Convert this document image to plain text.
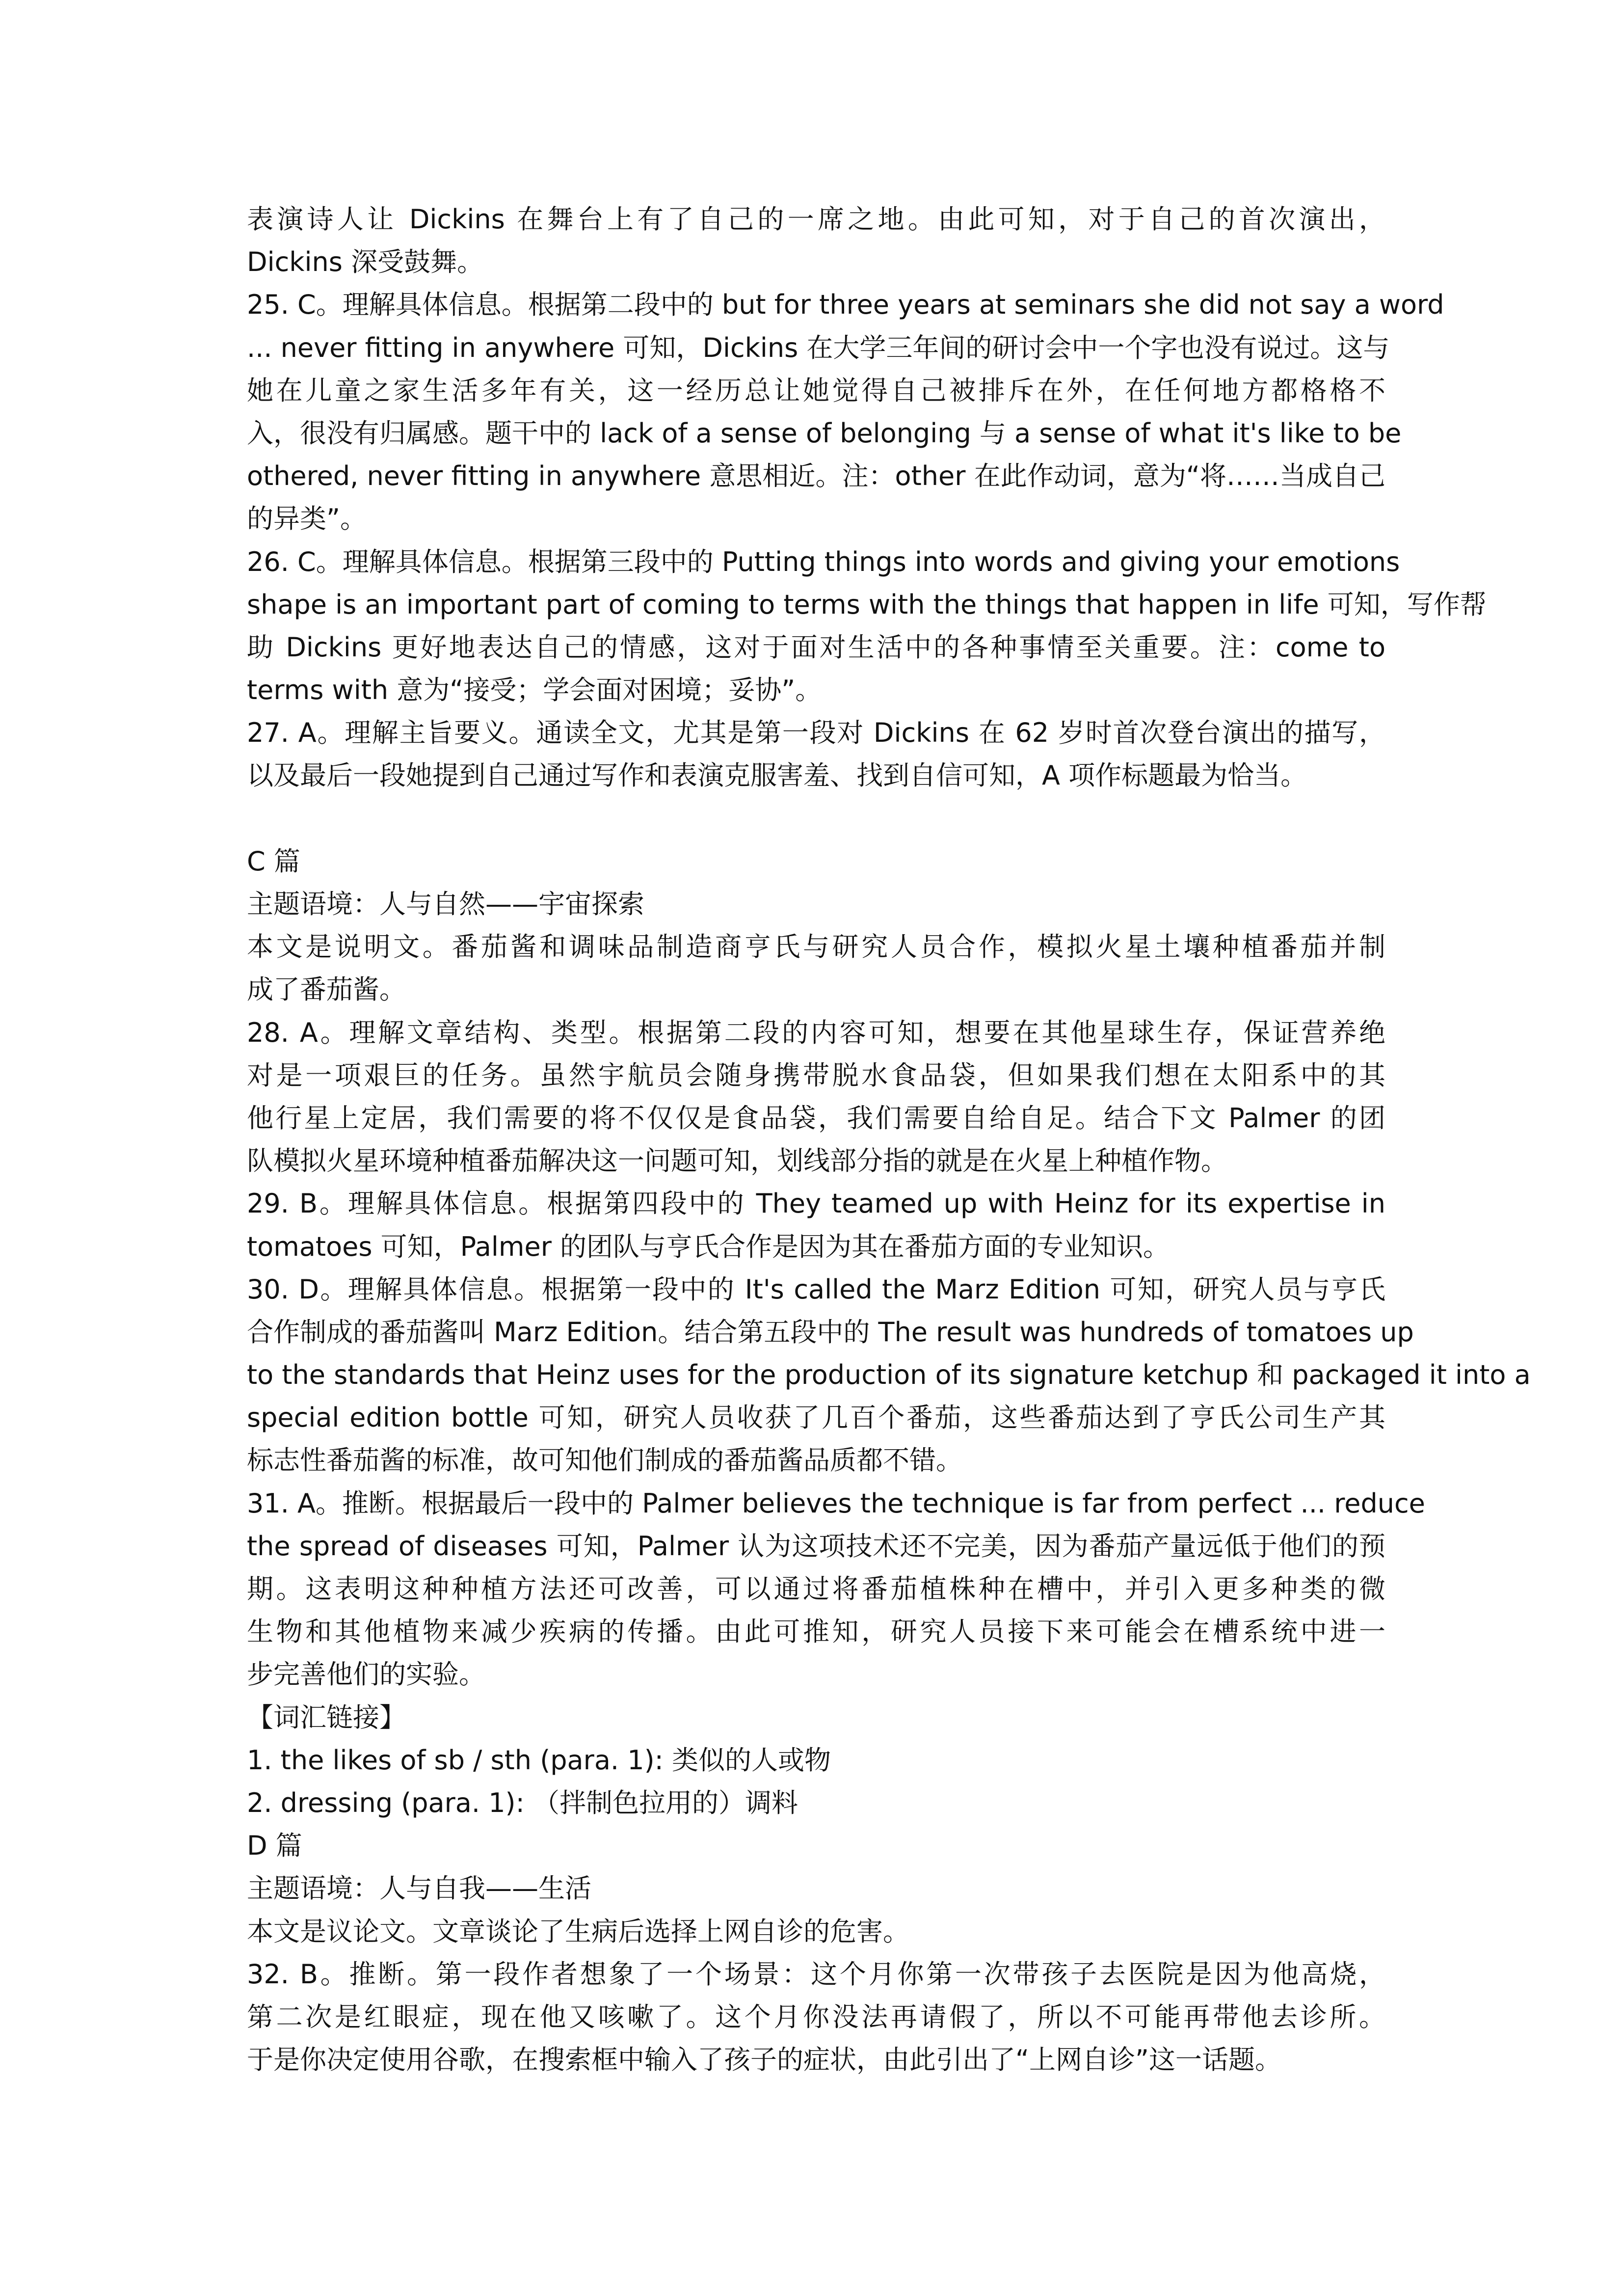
表演诗人让 Dickins 在舞台上有了自己的一席之地。由此可知，对于自己的首次演出，
Dickins 深受鼓舞。
25. C。理解具体信息。根据第二段中的 but for three years at seminars she did not say a word
... never fitting in anywhere 可知，Dickins 在大学三年间的研讨会中一个字也没有说过。这与
她在儿童之家生活多年有关，这一经历总让她觉得自己被排斥在外，在任何地方都格格不
入，很没有归属感。题干中的 lack of a sense of belonging 与 a sense of what it's like to be
othered, never fitting in anywhere 意思相近。注：other 在此作动词，意为“将……当成自己
的异类”。
26. C。理解具体信息。根据第三段中的 Putting things into words and giving your emotions
shape is an important part of coming to terms with the things that happen in life 可知，写作帮
助 Dickins 更好地表达自己的情感，这对于面对生活中的各种事情至关重要。注：come to
terms with 意为“接受；学会面对困境；妥协”。
27. A。理解主旨要义。通读全文，尤其是第一段对 Dickins 在 62 岁时首次登台演出的描写，
以及最后一段她提到自己通过写作和表演克服害羞、找到自信可知，A 项作标题最为恰当。
C 篇
主题语境：人与自然——宇宙探索
本文是说明文。番茄酱和调味品制造商亨氏与研究人员合作，模拟火星土壤种植番茄并制
成了番茄酱。
28. A。理解文章结构、类型。根据第二段的内容可知，想要在其他星球生存，保证营养绝
对是一项艰巨的任务。虽然宇航员会随身携带脱水食品袋，但如果我们想在太阳系中的其
他行星上定居，我们需要的将不仅仅是食品袋，我们需要自给自足。结合下文 Palmer 的团
队模拟火星环境种植番茄解决这一问题可知，划线部分指的就是在火星上种植作物。
29. B。理解具体信息。根据第四段中的 They teamed up with Heinz for its expertise in
tomatoes 可知，Palmer 的团队与亨氏合作是因为其在番茄方面的专业知识。
30. D。理解具体信息。根据第一段中的 It's called the Marz Edition 可知，研究人员与亨氏
合作制成的番茄酱叫 Marz Edition。结合第五段中的 The result was hundreds of tomatoes up
to the standards that Heinz uses for the production of its signature ketchup 和 packaged it into a
special edition bottle 可知，研究人员收获了几百个番茄，这些番茄达到了亨氏公司生产其
标志性番茄酱的标准，故可知他们制成的番茄酱品质都不错。
31. A。推断。根据最后一段中的 Palmer believes the technique is far from perfect ... reduce
the spread of diseases 可知，Palmer 认为这项技术还不完美，因为番茄产量远低于他们的预
期。这表明这种种植方法还可改善，可以通过将番茄植株种在槽中，并引入更多种类的微
生物和其他植物来减少疾病的传播。由此可推知，研究人员接下来可能会在槽系统中进一
步完善他们的实验。
【词汇链接】
1. the likes of sb / sth (para. 1): 类似的人或物
2. dressing (para. 1): （拌制色拉用的）调料
D 篇
主题语境：人与自我——生活
本文是议论文。文章谈论了生病后选择上网自诊的危害。
32. B。推断。第一段作者想象了一个场景：这个月你第一次带孩子去医院是因为他高烧，
第二次是红眼症，现在他又咳嗽了。这个月你没法再请假了，所以不可能再带他去诊所。
于是你决定使用谷歌，在搜索框中输入了孩子的症状，由此引出了“上网自诊”这一话题。
